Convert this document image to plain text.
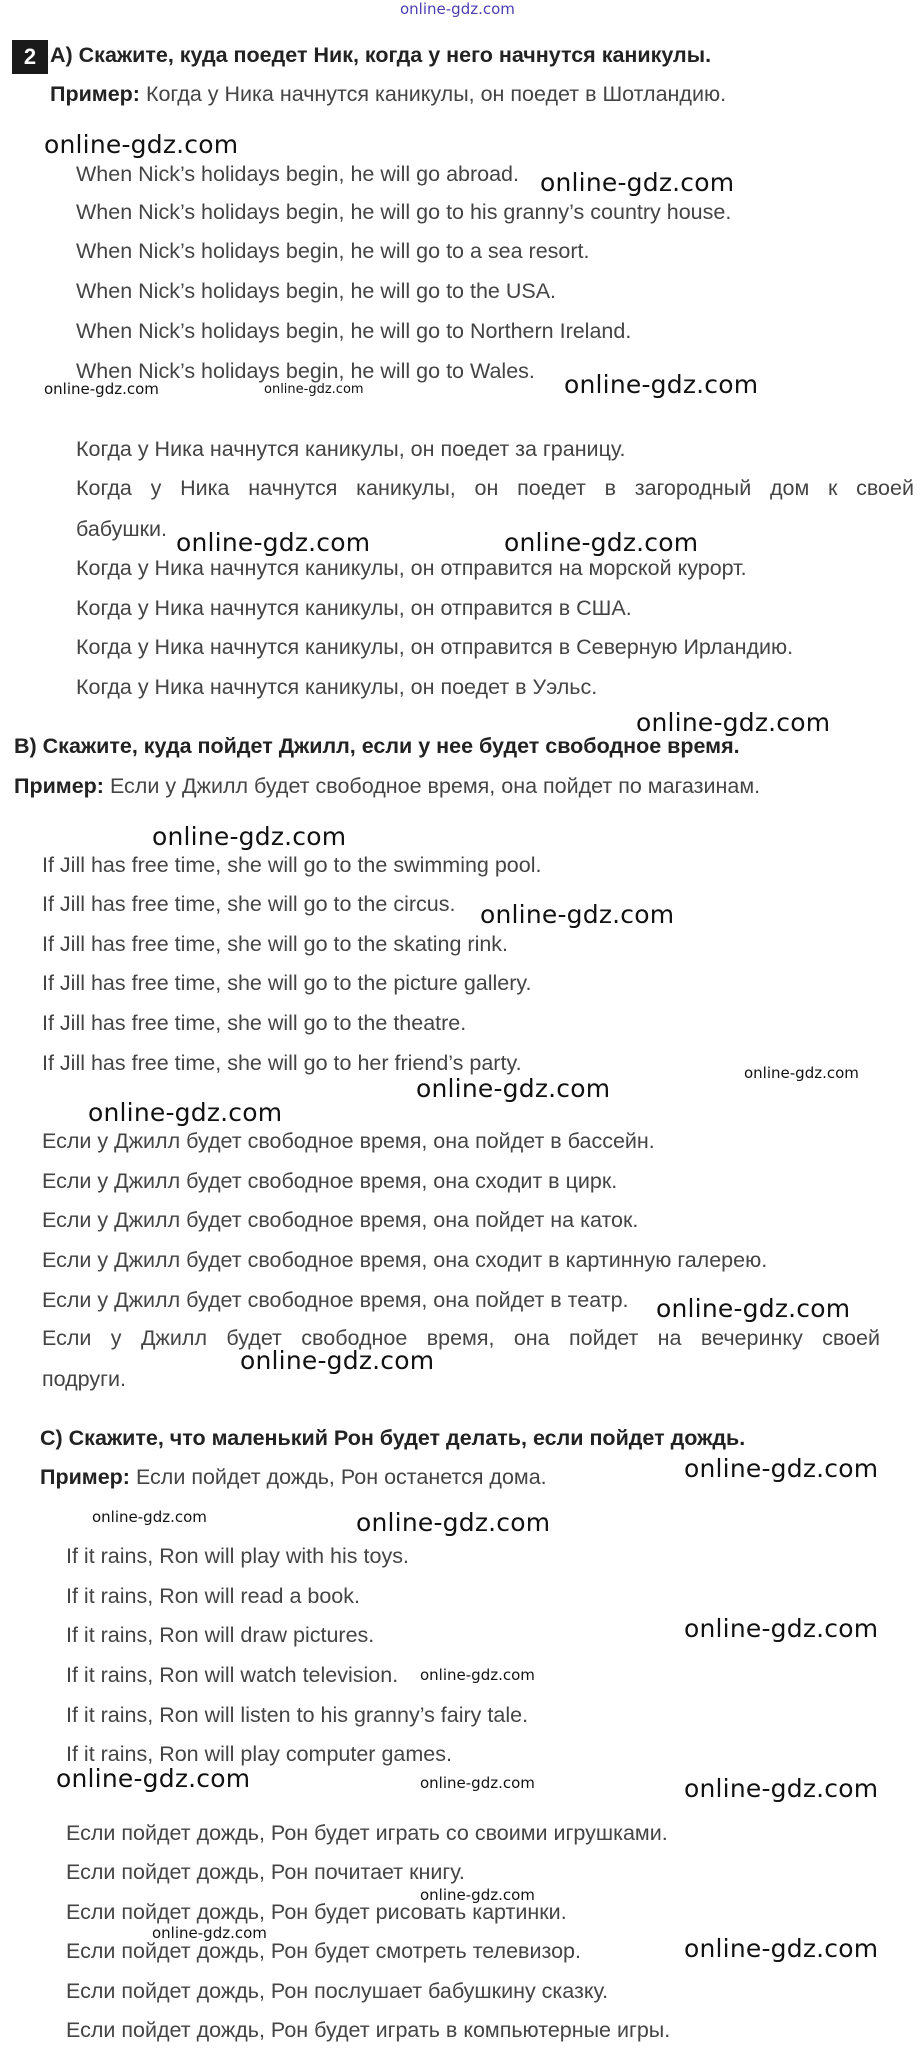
online-gdz.com
2 A) Скажите, куда поедет Ник, когда у него начнутся каникулы.
Пример: Когда у Ника начнутся каникулы, он поедет в Шотландию.
When Nick’s holidays begin, he will go abroad.
When Nick’s holidays begin, he will go to his granny’s country house.
When Nick’s holidays begin, he will go to a sea resort.
When Nick’s holidays begin, he will go to the USA.
When Nick’s holidays begin, he will go to Northern Ireland.
When Nick’s holidays begin, he will go to Wales.
Когда у Ника начнутся каникулы, он поедет за границу.
Когда у Ника начнутся каникулы, он поедет в загородный дом к своей
бабушки.
Когда у Ника начнутся каникулы, он отправится на морской курорт.
Когда у Ника начнутся каникулы, он отправится в США.
Когда у Ника начнутся каникулы, он отправится в Северную Ирландию.
Когда у Ника начнутся каникулы, он поедет в Уэльс.
B) Скажите, куда пойдет Джилл, если у нее будет свободное время.
Пример: Если у Джилл будет свободное время, она пойдет по магазинам.
If Jill has free time, she will go to the swimming pool.
If Jill has free time, she will go to the circus.
If Jill has free time, she will go to the skating rink.
If Jill has free time, she will go to the picture gallery.
If Jill has free time, she will go to the theatre.
If Jill has free time, she will go to her friend’s party.
Если у Джилл будет свободное время, она пойдет в бассейн.
Если у Джилл будет свободное время, она сходит в цирк.
Если у Джилл будет свободное время, она пойдет на каток.
Если у Джилл будет свободное время, она сходит в картинную галерею.
Если у Джилл будет свободное время, она пойдет в театр.
Если у Джилл будет свободное время, она пойдет на вечеринку своей
подруги.
C) Скажите, что маленький Рон будет делать, если пойдет дождь.
Пример: Если пойдет дождь, Рон останется дома.
If it rains, Ron will play with his toys.
If it rains, Ron will read a book.
If it rains, Ron will draw pictures.
If it rains, Ron will watch television.
If it rains, Ron will listen to his granny’s fairy tale.
If it rains, Ron will play computer games.
Если пойдет дождь, Рон будет играть со своими игрушками.
Если пойдет дождь, Рон почитает книгу.
Если пойдет дождь, Рон будет рисовать картинки.
Если пойдет дождь, Рон будет смотреть телевизор.
Если пойдет дождь, Рон послушает бабушкину сказку.
Если пойдет дождь, Рон будет играть в компьютерные игры.
online-gdz.com
online-gdz.com
online-gdz.com	online-gdz.com	online-gdz.com
online-gdz.com	online-gdz.com
online-gdz.com
online-gdz.com
online-gdz.com
online-gdz.com
online-gdz.com
online-gdz.com
online-gdz.com
online-gdz.com
online-gdz.com
online-gdz.com	online-gdz.com
online-gdz.com
online-gdz.com
online-gdz.com	online-gdz.com	online-gdz.com
online-gdz.com
online-gdz.com
online-gdz.com
